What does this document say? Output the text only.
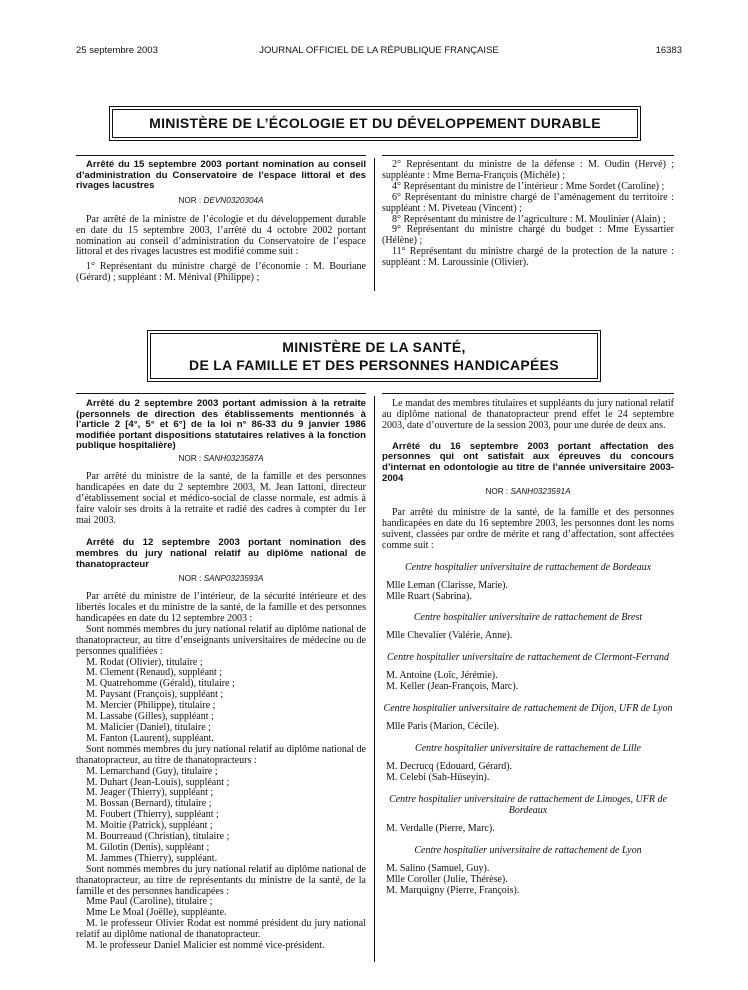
25 septembre 2003	JOURNAL OFFICIEL DE LA RÉPUBLIQUE FRANÇAISE	16383
MINISTÈRE DE L’ÉCOLOGIE ET DU DÉVELOPPEMENT DURABLE

Arrêté du 15 septembre 2003 portant nomination au conseil d’administration du Conservatoire de l’espace littoral et des rivages lacustres

NOR : DEVN0320304A

Par arrêté de la ministre de l’écologie et du développement durable en date du 15 septembre 2003, l’arrêté du 4 octobre 2002 portant nomination au conseil d’administration du Conservatoire de l’espace littoral et des rivages lacustres est modifié comme suit :

1° Représentant du ministre chargé de l’économie : M. Bouriane (Gérard) ; suppléant : M. Ménival (Philippe) ;

2° Représentant du ministre de la défense : M. Oudin (Hervé) ; suppléante : Mme Berna-François (Michèle) ;

4° Représentant du ministre de l’intérieur : Mme Sordet (Caroline) ;

6° Représentant du ministre chargé de l’aménagement du territoire : suppléant : M. Piveteau (Vincent) ;

8° Représentant du ministre de l’agriculture : M. Moulinier (Alain) ;

9° Représentant du ministre chargé du budget : Mme Eyssartier (Hélène) ;

11° Représentant du ministre chargé de la protection de la nature : suppléant : M. Laroussinie (Olivier).

MINISTÈRE DE LA SANTÉ,
DE LA FAMILLE ET DES PERSONNES HANDICAPÉES

Arrêté du 2 septembre 2003 portant admission à la retraite (personnels de direction des établissements mentionnés à l’article 2 [4°, 5° et 6°] de la loi n° 86-33 du 9 janvier 1986 modifiée portant dispositions statutaires relatives à la fonction publique hospitalière)

NOR : SANH0323587A

Par arrêté du ministre de la santé, de la famille et des personnes handicapées en date du 2 septembre 2003, M. Jean Iattoni, directeur d’établissement social et médico-social de classe normale, est admis à faire valoir ses droits à la retraite et radié des cadres à compter du 1er mai 2003.

Arrêté du 12 septembre 2003 portant nomination des membres du jury national relatif au diplôme national de thanatopracteur

NOR : SANP0323593A

Par arrêté du ministre de l’intérieur, de la sécurité intérieure et des libertés locales et du ministre de la santé, de la famille et des personnes handicapées en date du 12 septembre 2003 :

Sont nommés membres du jury national relatif au diplôme national de thanatopracteur, au titre d’enseignants universitaires de médecine ou de personnes qualifiées :

M. Rodat (Olivier), titulaire ;

M. Clement (Renaud), suppléant ;

M. Quatrehomme (Gérald), titulaire ;

M. Paysant (François), suppléant ;

M. Mercier (Philippe), titulaire ;

M. Lassabe (Gilles), suppléant ;

M. Malicier (Daniel), titulaire ;

M. Fanton (Laurent), suppléant.

Sont nommés membres du jury national relatif au diplôme national de thanatopracteur, au titre de thanatopracteurs :

M. Lemarchand (Guy), titulaire ;

M. Duhart (Jean-Louis), suppléant ;

M. Jeager (Thierry), suppléant ;

M. Bossan (Bernard), titulaire ;

M. Foubert (Thierry), suppléant ;

M. Moitie (Patrick), suppléant ;

M. Bourreaud (Christian), titulaire ;

M. Gilotin (Denis), suppléant ;

M. Jammes (Thierry), suppléant.

Sont nommés membres du jury national relatif au diplôme national de thanatopracteur, au titre de représentants du ministre de la santé, de la famille et des personnes handicapées :

Mme Paul (Caroline), titulaire ;

Mme Le Moal (Joëlle), suppléante.

M. le professeur Olivier Rodat est nommé président du jury national relatif au diplôme national de thanatopracteur.

M. le professeur Daniel Malicier est nommé vice-président.

Le mandat des membres titulaires et suppléants du jury national relatif au diplôme national de thanatopracteur prend effet le 24 septembre 2003, date d’ouverture de la session 2003, pour une durée de deux ans.

Arrêté du 16 septembre 2003 portant affectation des personnes qui ont satisfait aux épreuves du concours d’internat en odontologie au titre de l’année universitaire 2003-2004

NOR : SANH0323591A

Par arrêté du ministre de la santé, de la famille et des personnes handicapées en date du 16 septembre 2003, les personnes dont les noms suivent, classées par ordre de mérite et rang d’affectation, sont affectées comme suit :

Centre hospitalier universitaire de rattachement de Bordeaux

Mlle Leman (Clarisse, Marie).

Mlle Ruart (Sabrina).

Centre hospitalier universitaire de rattachement de Brest

Mlle Chevalier (Valérie, Anne).

Centre hospitalier universitaire de rattachement de Clermont-Ferrand

M. Antoine (Loïc, Jérémie).

M. Keller (Jean-François, Marc).

Centre hospitalier universitaire de rattachement de Dijon, UFR de Lyon

Mlle Paris (Marion, Cécile).

Centre hospitalier universitaire de rattachement de Lille

M. Decrucq (Edouard, Gérard).

M. Celebi (Sah-Hüseyin).

Centre hospitalier universitaire de rattachement de Limoges, UFR de Bordeaux

M. Verdalle (Pierre, Marc).

Centre hospitalier universitaire de rattachement de Lyon

M. Salino (Samuel, Guy).

Mlle Coroller (Julie, Thérèse).

M. Marquigny (Pierre, François).
